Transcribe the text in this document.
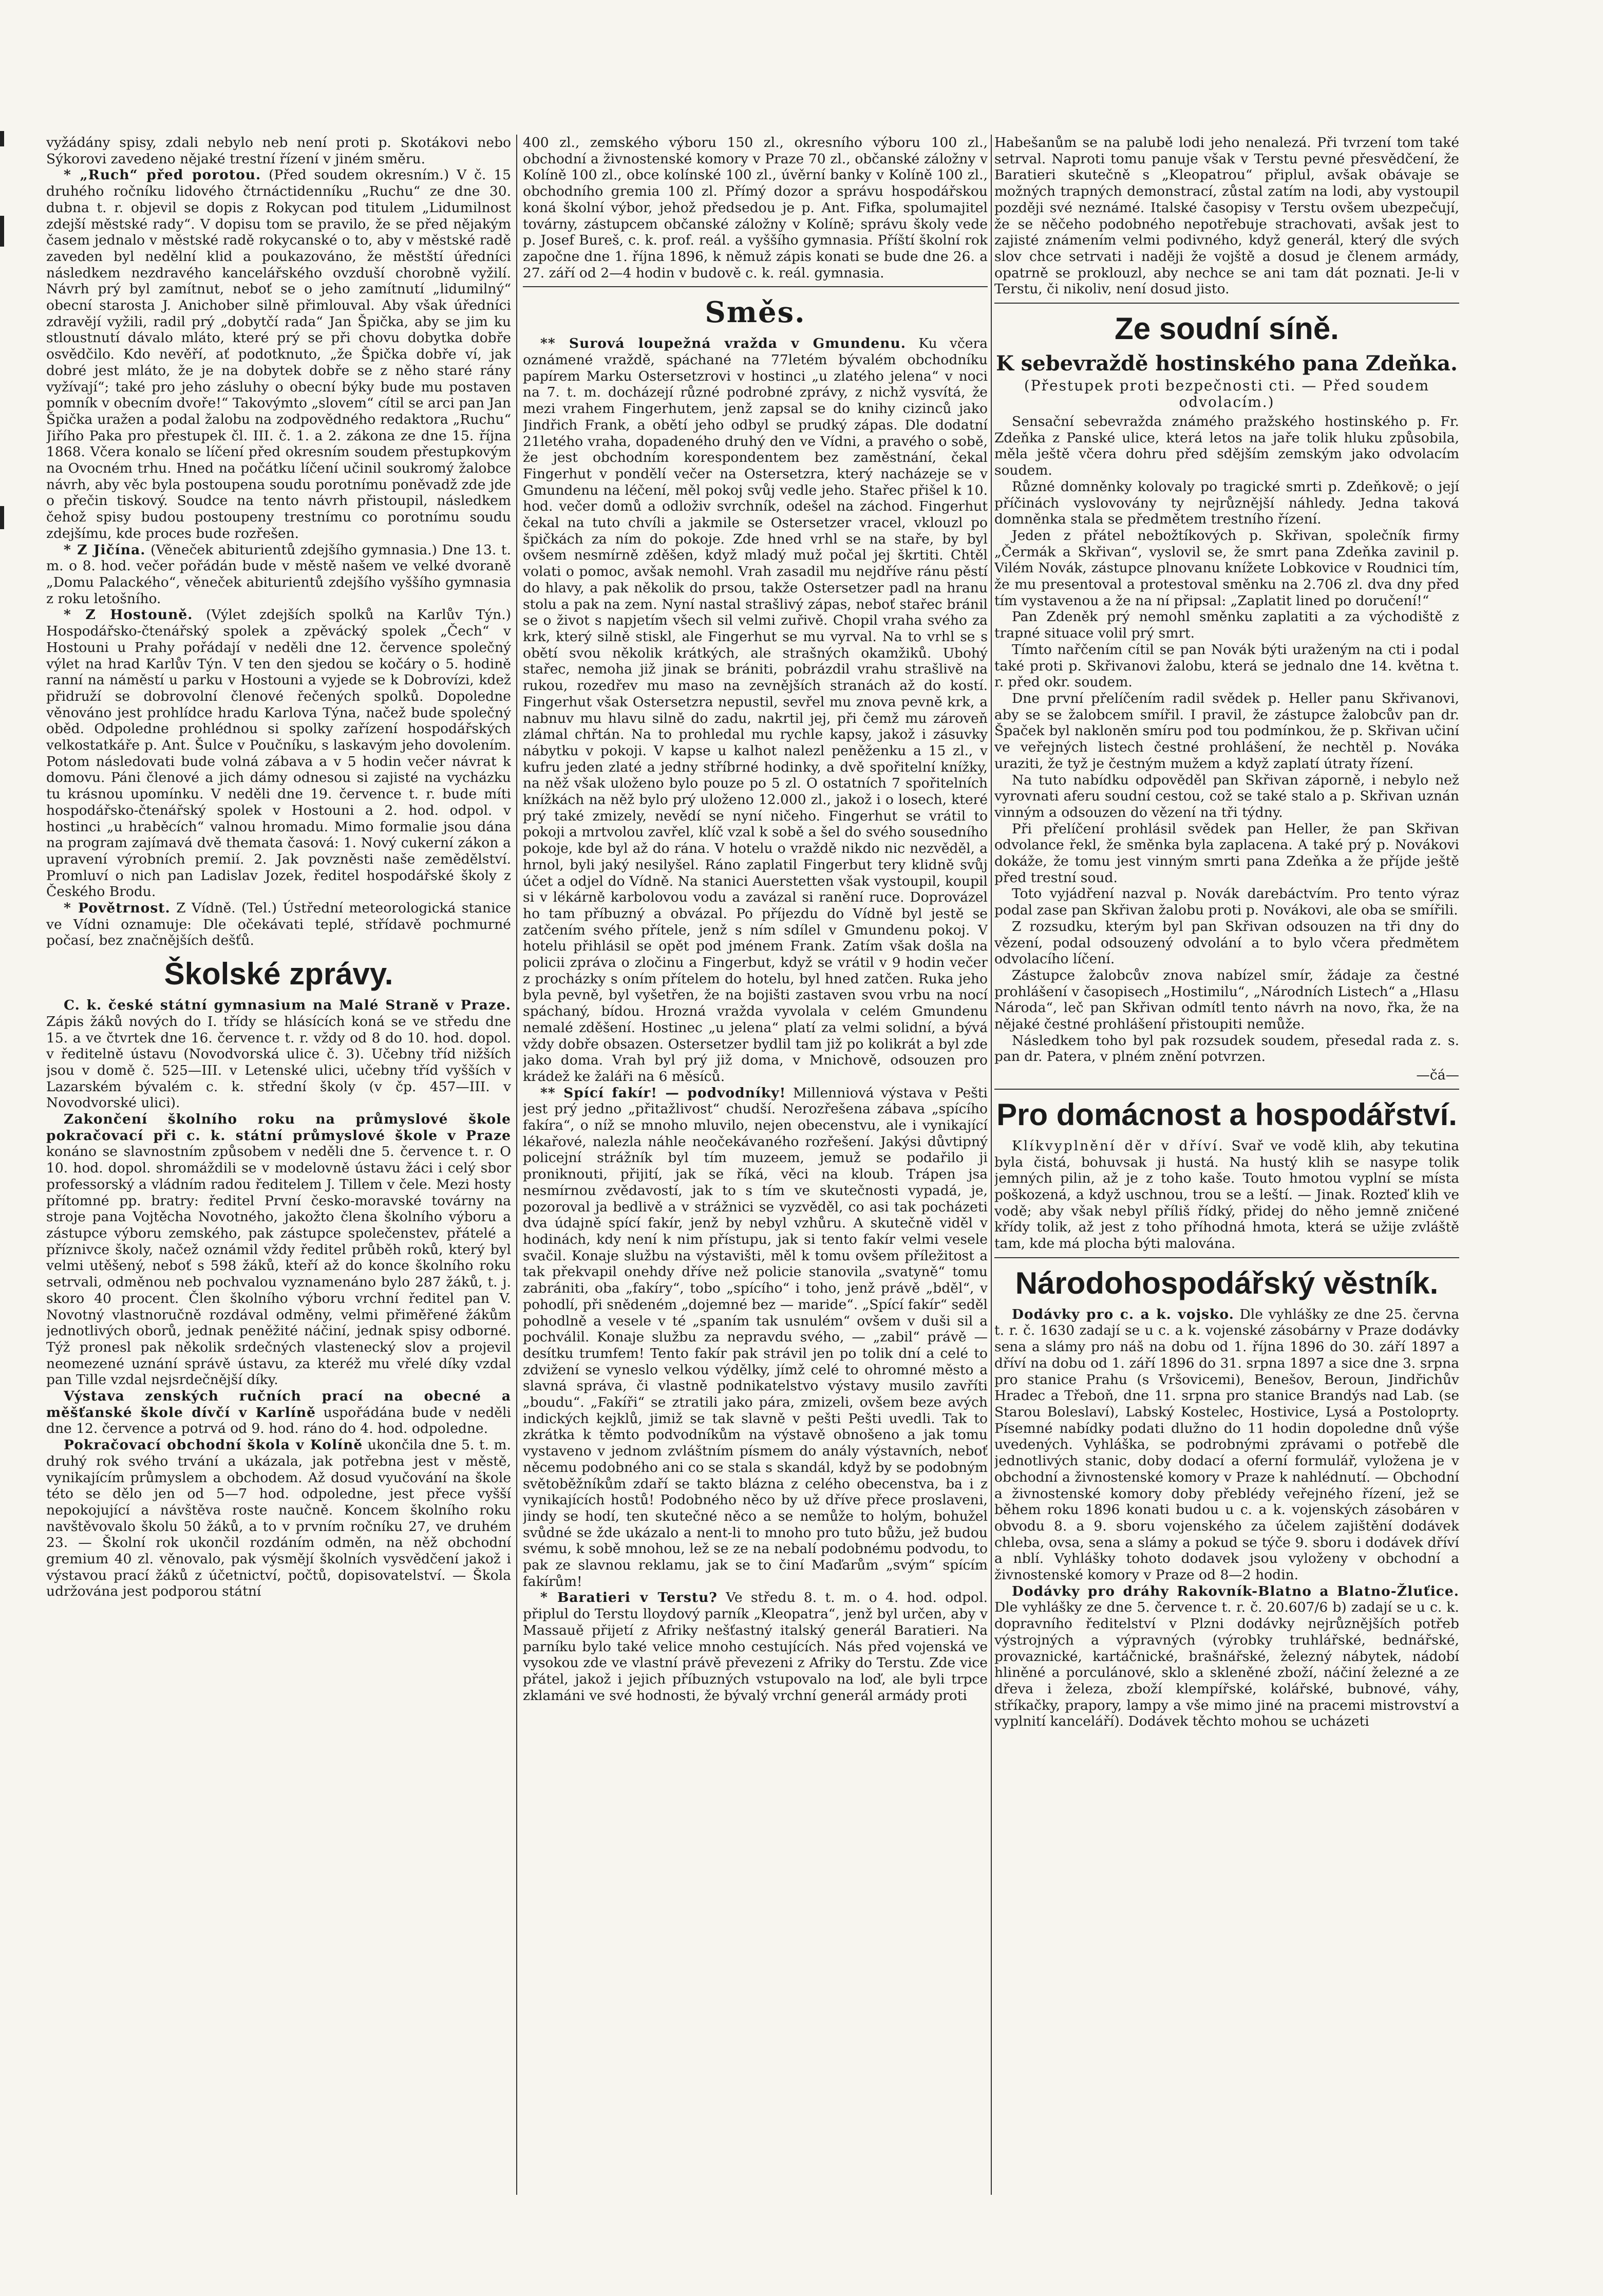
vyžádány spisy, zdali nebylo neb není proti p. Skotákovi nebo Sýkorovi zavedeno nějaké trestní řízení v jiném směru.

* „Ruch“ před porotou. (Před soudem okresním.) V č. 15 druhého ročníku lidového čtrnáctidenníku „Ruchu“ ze dne 30. dubna t. r. objevil se dopis z Rokycan pod titulem „Lidumilnost zdejší městské rady“. V dopisu tom se pravilo, že se před nějakým časem jednalo v městské radě rokycanské o to, aby v městské radě zaveden byl nedělní klid a poukazováno, že městští úředníci následkem nezdravého kancelářského ovzduší chorobně vyžilí. Návrh prý byl zamítnut, neboť se o jeho zamítnutí „lidumilný“ obecní starosta J. Anichober silně přimlouval. Aby však úředníci zdravějí vyžili, radil prý „dobytčí rada“ Jan Špička, aby se jim ku stloustnutí dávalo mláto, které prý se při chovu dobytka dobře osvědčilo. Kdo nevěří, ať podotknuto, „že Špička dobře ví, jak dobré jest mláto, že je na dobytek dobře se z něho staré rány vyžívají“; také pro jeho zásluhy o obecní býky bude mu postaven pomník v obecním dvoře!“ Takovýmto „slovem“ cítil se arci pan Jan Špička uražen a podal žalobu na zodpovědného redaktora „Ruchu“ Jiřího Paka pro přestupek čl. III. č. 1. a 2. zákona ze dne 15. října 1868. Včera konalo se líčení před okresním soudem přestupkovým na Ovocném trhu. Hned na počátku líčení učinil soukromý žalobce návrh, aby věc byla postoupena soudu porotnímu poněvadž zde jde o přečin tiskový. Soudce na tento návrh přistoupil, následkem čehož spisy budou postoupeny trestnímu co porotnímu soudu zdejšímu, kde proces bude rozřešen.

* Z Jičína. (Věneček abiturientů zdejšího gymnasia.) Dne 13. t. m. o 8. hod. večer pořádán bude v městě našem ve velké dvoraně „Domu Palackého“, věneček abiturientů zdejšího vyššího gymnasia z roku letošního.

* Z Hostouně. (Výlet zdejších spolků na Karlův Týn.) Hospodářsko-čtenářský spolek a zpěvácký spolek „Čech“ v Hostouni u Prahy pořádají v neděli dne 12. července společný výlet na hrad Karlův Týn. V ten den sjedou se kočáry o 5. hodině ranní na náměstí u parku v Hostouni a vyjede se k Dobrovízi, kdež přidruží se dobrovolní členové řečených spolků. Dopoledne věnováno jest prohlídce hradu Karlova Týna, načež bude společný oběd. Odpoledne prohlédnou si spolky zařízení hospodářských velkostatkáře p. Ant. Šulce v Poučníku, s laskavým jeho dovolením. Potom následovati bude volná zábava a v 5 hodin večer návrat k domovu. Páni členové a jich dámy odnesou si zajisté na vycházku tu krásnou upomínku. V neděli dne 19. července t. r. bude míti hospodářsko-čtenářský spolek v Hostouni a 2. hod. odpol. v hostinci „u hraběcích“ valnou hromadu. Mimo formalie jsou dána na program zajímavá dvě themata časová: 1. Nový cukerní zákon a upravení výrobních premií. 2. Jak povzněsti naše zemědělství. Promluví o nich pan Ladislav Jozek, ředitel hospodářské školy z Českého Brodu.

* Povětrnost. Z Vídně. (Tel.) Ústřední meteorologická stanice ve Vídni oznamuje: Dle očekávati teplé, střídavě pochmurné počasí, bez značnějších dešťů.

Školské zprávy.

C. k. české státní gymnasium na Malé Straně v Praze. Zápis žáků nových do I. třídy se hlásících koná se ve středu dne 15. a ve čtvrtek dne 16. července t. r. vždy od 8 do 10. hod. dopol. v ředitelně ústavu (Novodvorská ulice č. 3). Učebny tříd nižších jsou v domě č. 525—III. v Letenské ulici, učebny tříd vyšších v Lazarském bývalém c. k. střední školy (v čp. 457—III. v Novodvorské ulici).

Zakončení školního roku na průmyslové škole pokračovací při c. k. státní průmyslové škole v Praze konáno se slavnostním způsobem v neděli dne 5. července t. r. O 10. hod. dopol. shromáždili se v modelovně ústavu žáci i celý sbor professorský a vládním radou ředitelem J. Tillem v čele. Mezi hosty přítomné pp. bratry: ředitel První česko-moravské továrny na stroje pana Vojtěcha Novotného, jakožto člena školního výboru a zástupce výboru zemského, pak zástupce společenstev, přátelé a příznivce školy, načež oznámil vždy ředitel průběh roků, který byl velmi utěšený, neboť s 598 žáků, kteří až do konce školního roku setrvali, odměnou neb pochvalou vyznamenáno bylo 287 žáků, t. j. skoro 40 procent. Člen školního výboru vrchní ředitel pan V. Novotný vlastnoručně rozdával odměny, velmi přiměřené žákům jednotlivých oborů, jednak peněžité náčiní, jednak spisy odborné. Týž pronesl pak několik srdečných vlastenecký slov a projevil neomezené uznání správě ústavu, za kteréž mu vřelé díky vzdal pan Tille vzdal nejsrdečnější díky.

Výstava zenských ručních prací na obecné a měšťanské škole dívčí v Karlíně uspořádána bude v neděli dne 12. července a potrvá od 9. hod. ráno do 4. hod. odpoledne.

Pokračovací obchodní škola v Kolíně ukončila dne 5. t. m. druhý rok svého trvání a ukázala, jak potřebna jest v městě, vynikajícím průmyslem a obchodem. Až dosud vyučování na škole této se dělo jen od 5—7 hod. odpoledne, jest přece vyšší nepokojující a návštěva roste naučně. Koncem školního roku navštěvovalo školu 50 žáků, a to v prvním ročníku 27, ve druhém 23. — Školní rok ukončil rozdáním odměn, na něž obchodní gremium 40 zl. věnovalo, pak výsmějí školních vysvědčení jakož i výstavou prací žáků z účetnictví, počtů, dopisovatelství. — Škola udržována jest podporou státní

400 zl., zemského výboru 150 zl., okresního výboru 100 zl., obchodní a živnostenské komory v Praze 70 zl., občanské záložny v Kolíně 100 zl., obce kolínské 100 zl., úvěrní banky v Kolíně 100 zl., obchodního gremia 100 zl. Přímý dozor a správu hospodářskou koná školní výbor, jehož předsedou je p. Ant. Fifka, spolumajitel továrny, zástupcem občanské záložny v Kolíně; správu školy vede p. Josef Bureš, c. k. prof. reál. a vyššího gymnasia. Příští školní rok započne dne 1. října 1896, k němuž zápis konati se bude dne 26. a 27. září od 2—4 hodin v budově c. k. reál. gymnasia.

Směs.

** Surová loupežná vražda v Gmundenu. Ku včera oznámené vraždě, spáchané na 77letém bývalém obchodníku papírem Marku Ostersetzrovi v hostinci „u zlatého jelena“ v noci na 7. t. m. docházejí různé podrobné zprávy, z nichž vysvítá, že mezi vrahem Fingerhutem, jenž zapsal se do knihy cizinců jako Jindřich Frank, a obětí jeho odbyl se prudký zápas. Dle dodatní 21letého vraha, dopadeného druhý den ve Vídni, a pravého o sobě, že jest obchodním korespondentem bez zaměstnání, čekal Fingerhut v pondělí večer na Ostersetzra, který nacházeje se v Gmundenu na léčení, měl pokoj svůj vedle jeho. Stařec přišel k 10. hod. večer domů a odloživ svrchník, odešel na záchod. Fingerhut čekal na tuto chvíli a jakmile se Ostersetzer vracel, vklouzl po špičkách za ním do pokoje. Zde hned vrhl se na staře, by byl ovšem nesmírně zděšen, když mladý muž počal jej škrtiti. Chtěl volati o pomoc, avšak nemohl. Vrah zasadil mu nejdříve ránu pěstí do hlavy, a pak několik do prsou, takže Ostersetzer padl na hranu stolu a pak na zem. Nyní nastal strašlivý zápas, neboť stařec bránil se o život s napjetím všech sil velmi zuřivě. Chopil vraha svého za krk, který silně stiskl, ale Fingerhut se mu vyrval. Na to vrhl se s obětí svou několik krátkých, ale strašných okamžiků. Ubohý stařec, nemoha již jinak se brániti, pobrázdil vrahu strašlivě na rukou, rozedřev mu maso na zevnějších stranách až do kostí. Fingerhut však Ostersetzra nepustil, sevřel mu znova pevně krk, a nabnuv mu hlavu silně do zadu, nakrtil jej, při čemž mu zároveň zlámal chřtán. Na to prohledal mu rychle kapsy, jakož i zásuvky nábytku v pokoji. V kapse u kalhot nalezl peněženku a 15 zl., v kufru jeden zlaté a jedny stříbrné hodinky, a dvě spořitelní knížky, na něž však uloženo bylo pouze po 5 zl. O ostatních 7 spořitelních knížkách na něž bylo prý uloženo 12.000 zl., jakož i o losech, které prý také zmizely, nevědí se nyní ničeho. Fingerhut se vrátil to pokoji a mrtvolou zavřel, klíč vzal k sobě a šel do svého sousedního pokoje, kde byl až do rána. V hotelu o vraždě nikdo nic nezvěděl, a hrnol, byli jaký nesilyšel. Ráno zaplatil Fingerbut tery klidně svůj účet a odjel do Vídně. Na stanici Auerstetten však vystoupil, koupil si v lékárně karbolovou vodu a zavázal si ranění ruce. Doprovázel ho tam příbuzný a obvázal. Po příjezdu do Vídně byl jestě se zatčením svého přítele, jenž s ním sdílel v Gmundenu pokoj. V hotelu přihlásil se opět pod jménem Frank. Zatím však došla na policii zpráva o zločinu a Fingerbut, když se vrátil v 9 hodin večer z procházky s oním přítelem do hotelu, byl hned zatčen. Ruka jeho byla pevně, byl vyšetřen, že na bojišti zastaven svou vrbu na nocí spáchaný, bídou. Hrozná vražda vyvolala v celém Gmundenu nemalé zděšení. Hostinec „u jelena“ platí za velmi solidní, a bývá vždy dobře obsazen. Ostersetzer bydlil tam již po kolikrát a byl zde jako doma. Vrah byl prý již doma, v Mnichově, odsouzen pro krádež ke žaláři na 6 měsíců.

** Spící fakír! — podvodníky! Millenniová výstava v Pešti jest prý jedno „přitažlivost“ chudší. Nerozřešena zábava „spícího fakíra“, o níž se mnoho mluvilo, nejen obecenstvu, ale i vynikající lékařové, nalezla náhle neočekávaného rozřešení. Jakýsi důvtipný policejní strážník byl tím muzeem, jemuž se podařilo ji proniknouti, přijití, jak se říká, věci na kloub. Trápen jsa nesmírnou zvědavostí, jak to s tím ve skutečnosti vypadá, je, pozoroval ja bedlivě a v strážnici se vyzvěděl, co asi tak pocházeti dva údajně spící fakír, jenž by nebyl vzhůru. A skutečně viděl v hodinách, kdy není k nim přístupu, jak si tento fakír velmi vesele svačil. Konaje službu na výstavišti, měl k tomu ovšem příležitost a tak překvapil onehdy dříve než policie stanovila „svatyně“ tomu zabrániti, oba „fakíry“, tobo „spícího“ i toho, jenž právě „bděl“, v pohodlí, při snědeném „dojemné bez — maride“. „Spící fakír“ seděl pohodlně a vesele v té „spaním tak usnulém“ ovšem v duši sil a pochválil. Konaje službu za nepravdu svého, — „zabil“ právě — desítku trumfem! Tento fakír pak strávil jen po tolik dní a celé to zdvižení se vyneslo velkou výdělky, jímž celé to ohromné město a slavná správa, či vlastně podnikatelstvo výstavy musilo zavříti „boudu“. „Fakíři“ se ztratili jako pára, zmizeli, ovšem beze avých indických kejklů, jimiž se tak slavně v pešti Pešti uvedli. Tak to zkrátka k těmto podvodníkům na výstavě obnošeno a jak tomu vystaveno v jednom zvláštním písmem do anály výstavních, neboť něcemu podobného ani co se stala s skandál, když by se podobným světoběžníkům zdaří se takto blázna z celého obecenstva, ba i z vynikajících hostů! Podobného něco by už dříve přece proslaveni, jindy se hodí, ten skutečné něco a se nemůže to holým, bohužel svůdné se žde ukázalo a nent-li to mnoho pro tuto bůžu, jež budou svému, k sobě mnohou, lež se ze na nebalí podobnému podvodu, to pak ze slavnou reklamu, jak se to činí Maďarům „svým“ spícím fakírům!

* Baratieri v Terstu? Ve středu 8. t. m. o 4. hod. odpol. připlul do Terstu lloydový parník „Kleopatra“, jenž byl určen, aby v Massauě přijetí z Afriky nešťastný italský generál Baratieri. Na parníku bylo také velice mnoho cestujících. Nás před vojenská ve vysokou zde ve vlastní právě převezeni z Afriky do Terstu. Zde vice přátel, jakož i jejich příbuzných vstupovalo na loď, ale byli trpce zklamáni ve své hodnosti, že bývalý vrchní generál armády proti

Habešanům se na palubě lodi jeho nenalezá. Při tvrzení tom také setrval. Naproti tomu panuje však v Terstu pevné přesvědčení, že Baratieri skutečně s „Kleopatrou“ připlul, avšak obávaje se možných trapných demonstrací, zůstal zatím na lodi, aby vystoupil později své neznámé. Italské časopisy v Terstu ovšem ubezpečují, že se něčeho podobného nepotřebuje strachovati, avšak jest to zajisté známením velmi podivného, když generál, který dle svých slov chce setrvati i naději že vojště a dosud je členem armády, opatrně se proklouzl, aby nechce se ani tam dát poznati. Je-li v Terstu, či nikoliv, není dosud jisto.

Ze soudní síně.
K sebevraždě hostinského pana Zdeňka.
(Přestupek proti bezpečnosti cti. — Před soudem odvolacím.)

Sensační sebevražda známého pražského hostinského p. Fr. Zdeňka z Panské ulice, která letos na jaře tolik hluku způsobila, měla ještě včera dohru před sdějším zemským jako odvolacím soudem.

Různé domněnky kolovaly po tragické smrti p. Zdeňkově; o její příčinách vyslovovány ty nejrůznější náhledy. Jedna taková domněnka stala se předmětem trestního řízení.

Jeden z přátel nebožtíkových p. Skřivan, společník firmy „Čermák a Skřivan“, vyslovil se, že smrt pana Zdeňka zavinil p. Vilém Novák, zástupce plnovanu knížete Lobkovice v Roudnici tím, že mu presentoval a protestoval směnku na 2.706 zl. dva dny před tím vystavenou a že na ní připsal: „Zaplatit lined po doručení!“

Pan Zdeněk prý nemohl směnku zaplatiti a za východiště z trapné situace volil prý smrt.

Tímto nařčením cítil se pan Novák býti uraženým na cti i podal také proti p. Skřivanovi žalobu, která se jednalo dne 14. května t. r. před okr. soudem.

Dne první přelíčením radil svědek p. Heller panu Skřivanovi, aby se se žalobcem smířil. I pravil, že zástupce žalobcův pan dr. Špaček byl nakloněn smíru pod tou podmínkou, že p. Skřivan učiní ve veřejných listech čestné prohlášení, že nechtěl p. Nováka uraziti, že tyž je čestným mužem a když zaplatí útraty řízení.

Na tuto nabídku odpověděl pan Skřivan záporně, i nebylo než vyrovnati aferu soudní cestou, což se také stalo a p. Skřivan uznán vinným a odsouzen do vězení na tři týdny.

Při přelíčení prohlásil svědek pan Heller, že pan Skřivan odvolance řekl, že směnka byla zaplacena. A také prý p. Novákovi dokáže, že tomu jest vinným smrti pana Zdeňka a že příjde ještě před trestní soud.

Toto vyjádření nazval p. Novák darebáctvím. Pro tento výraz podal zase pan Skřivan žalobu proti p. Novákovi, ale oba se smířili.

Z rozsudku, kterým byl pan Skřivan odsouzen na tři dny do vězení, podal odsouzený odvolání a to bylo včera předmětem odvolacího líčení.

Zástupce žalobcův znova nabízel smír, žádaje za čestné prohlášení v časopisech „Hostimilu“, „Národních Listech“ a „Hlasu Národa“, leč pan Skřivan odmítl tento návrh na novo, řka, že na nějaké čestné prohlášení přistoupiti nemůže.

Následkem toho byl pak rozsudek soudem, přesedal rada z. s. pan dr. Patera, v plném znění potvrzen.

—čá—
Pro domácnost a hospodářství.

Klíkvyplnění děr v dříví. Svař ve vodě klih, aby tekutina byla čistá, bohuvsak ji hustá. Na hustý klih se nasype tolik jemných pilin, až je z toho kaše. Touto hmotou vyplní se místa poškozená, a když uschnou, trou se a leští. — Jinak. Rozteď klih ve vodě; aby však nebyl příliš řídký, přidej do něho jemně zničené křídy tolik, až jest z toho příhodná hmota, která se užije zvláště tam, kde má plocha býti malována.

Národohospodářský věstník.

Dodávky pro c. a k. vojsko. Dle vyhlášky ze dne 25. června t. r. č. 1630 zadají se u c. a k. vojenské zásobárny v Praze dodávky sena a slámy pro náš na dobu od 1. října 1896 do 30. září 1897 a dříví na dobu od 1. září 1896 do 31. srpna 1897 a sice dne 3. srpna pro stanice Prahu (s Vršovicemi), Benešov, Beroun, Jindřichův Hradec a Třeboň, dne 11. srpna pro stanice Brandýs nad Lab. (se Starou Boleslaví), Labský Kostelec, Hostivice, Lysá a Postoloprty. Písemné nabídky podati dlužno do 11 hodin dopoledne dnů výše uvedených. Vyhláška, se podrobnými zprávami o potřebě dle jednotlivých stanic, doby dodací a oferní formulář, vyložena je v obchodní a živnostenské komory v Praze k nahlédnutí. — Obchodní a živnostenské komory doby přeblédy veřejného řízení, jež se během roku 1896 konati budou u c. a k. vojenských zásobáren v obvodu 8. a 9. sboru vojenského za účelem zajištění dodávek chleba, ovsa, sena a slámy a pokud se týče 9. sboru i dodávek dříví a nblí. Vyhlášky tohoto dodavek jsou vyloženy v obchodní a živnostenské komory v Praze od 8—2 hodin.

Dodávky pro dráhy Rakovník-Blatno a Blatno-Žluťice. Dle vyhlášky ze dne 5. července t. r. č. 20.607/6 b) zadají se u c. k. dopravního ředitelství v Plzni dodávky nejrůznějších potřeb výstrojných a výpravných (výrobky truhlářské, bednářské, provaznické, kartáčnické, brašnářské, železný nábytek, nádobí hliněné a porculánové, sklo a skleněné zboží, náčiní železné a ze dřeva i železa, zboží klempířské, kolářské, bubnové, váhy, stříkačky, prapory, lampy a vše mimo jiné na pracemi mistrovství a vyplnití kanceláří). Dodávek těchto mohou se ucházeti
